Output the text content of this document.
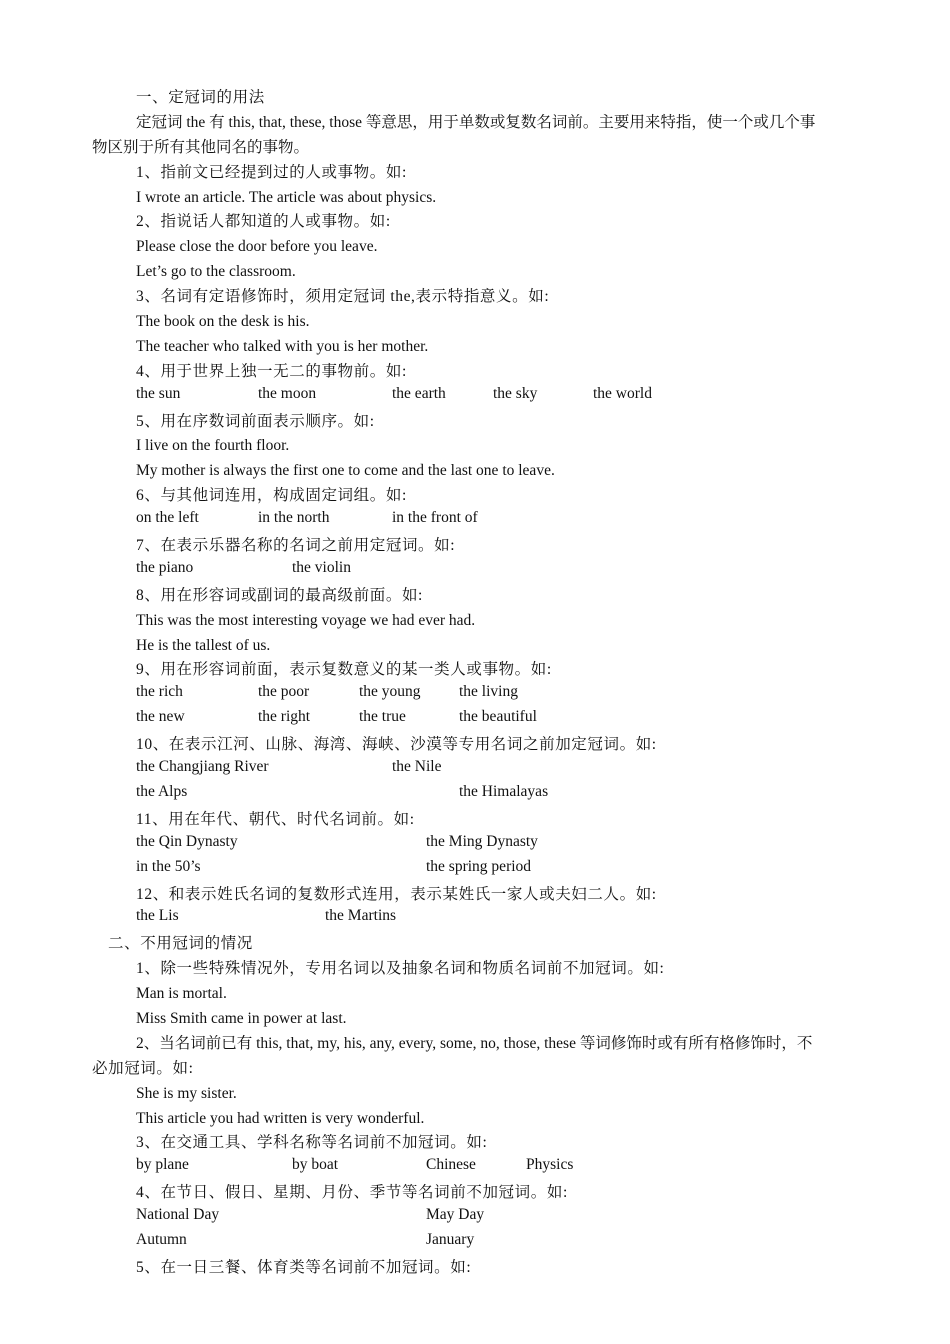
一、定冠词的用法
定冠词 the 有 this, that, these, those 等意思，用于单数或复数名词前。主要用来特指，使一个或几个事
物区别于所有其他同名的事物。
1、指前文已经提到过的人或事物。如:
I wrote an article. The article was about physics.
2、指说话人都知道的人或事物。如:
Please close the door before you leave.
Let’s go to the classroom.
3、名词有定语修饰时，须用定冠词 the,表示特指意义。如:
The book on the desk is his.
The teacher who talked with you is her mother.
4、用于世界上独一无二的事物前。如:
the sun	the moon	the earth	the sky	the world
5、用在序数词前面表示顺序。如:
I live on the fourth floor.
My mother is always the first one to come and the last one to leave.
6、与其他词连用，构成固定词组。如:
on the left	in the north	in the front of
7、在表示乐器名称的名词之前用定冠词。如:
the piano	the violin
8、用在形容词或副词的最高级前面。如:
This was the most interesting voyage we had ever had.
He is the tallest of us.
9、用在形容词前面，表示复数意义的某一类人或事物。如:
the rich	the poor	the young the living
the new	the right	the true	the beautiful
10、在表示江河、山脉、海湾、海峡、沙漠等专用名词之前加定冠词。如:
the Changjiang River	the Nile
the Alps	the Himalayas
11、用在年代、朝代、时代名词前。如:
the Qin Dynasty	the Ming Dynasty
in the 50’s	the spring period
12、和表示姓氏名词的复数形式连用，表示某姓氏一家人或夫妇二人。如:
the Lis	the Martins
二、不用冠词的情况
1、除一些特殊情况外，专用名词以及抽象名词和物质名词前不加冠词。如:
Man is mortal.
Miss Smith came in power at last.
2、当名词前已有 this, that, my, his, any, every, some, no, those, these 等词修饰时或有所有格修饰时，不
必加冠词。如:
She is my sister.
This article you had written is very wonderful.
3、在交通工具、学科名称等名词前不加冠词。如:
by plane	by boat	Chinese	Physics
4、在节日、假日、星期、月份、季节等名词前不加冠词。如:
National Day	May Day
Autumn	January
5、在一日三餐、体育类等名词前不加冠词。如:
